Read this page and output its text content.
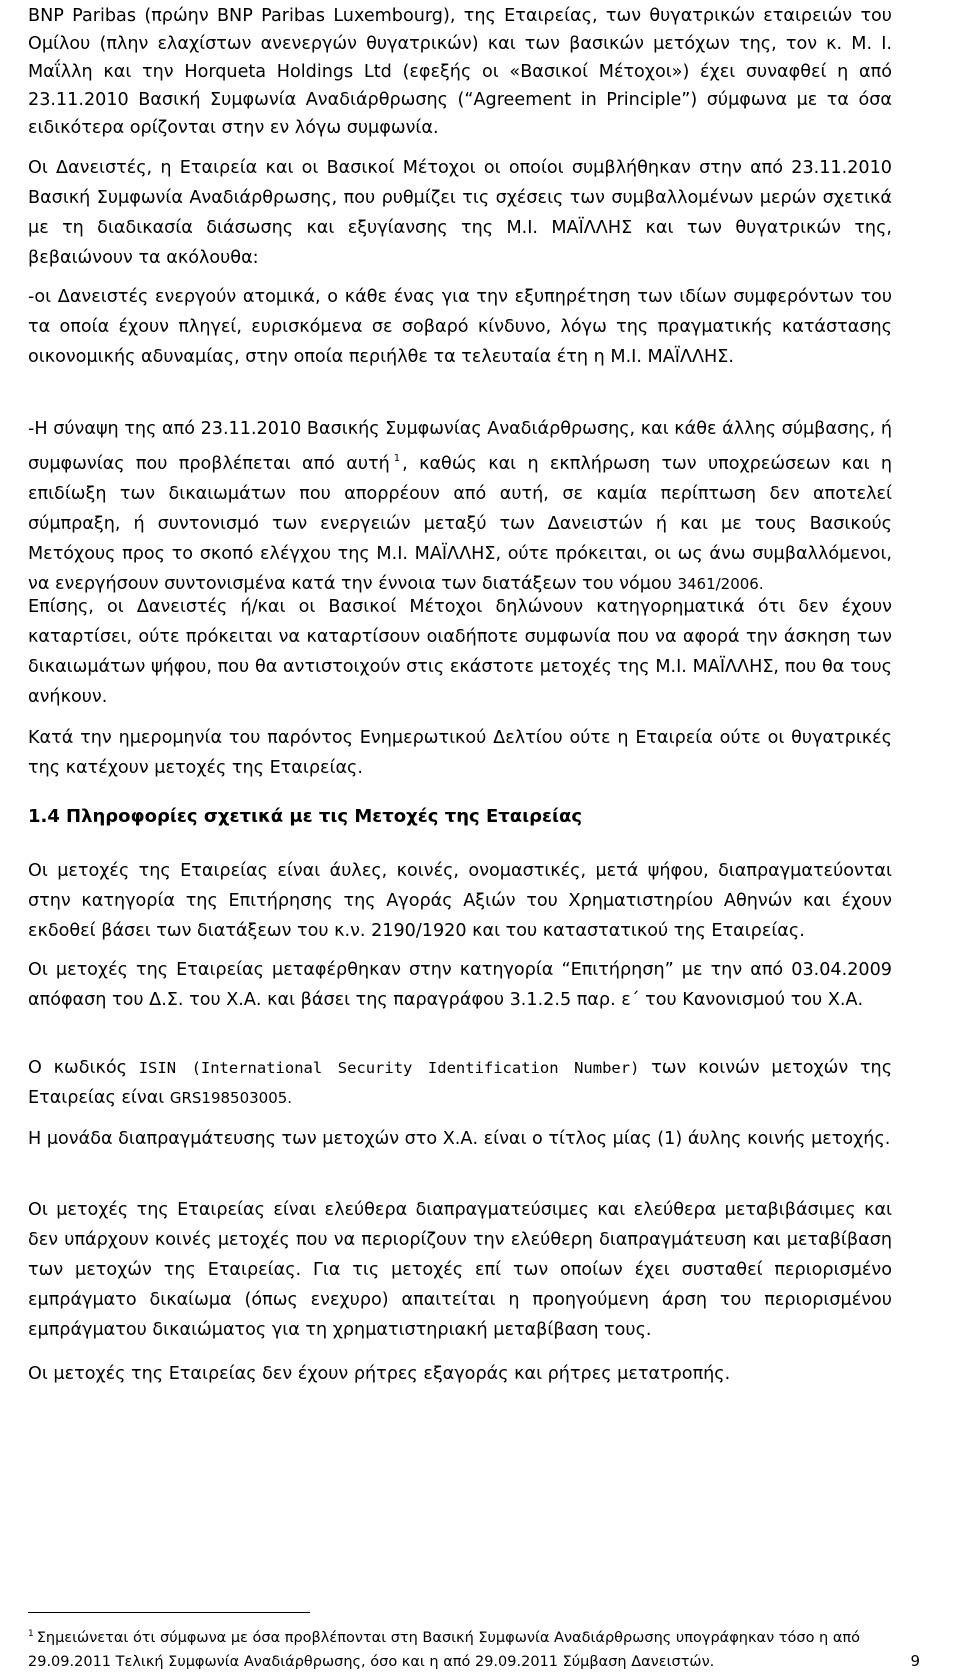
BNP Paribas (πρώην BNP Paribas Luxembourg), της Εταιρείας, των θυγατρικών εταιρειών του Ομίλου (πλην ελαχίστων ανενεργών θυγατρικών) και των βασικών μετόχων της, τον κ. Μ. Ι. Μαΐλλη και την Horqueta Holdings Ltd (εφεξής οι «Βασικοί Μέτοχοι») έχει συναφθεί η από 23.11.2010 Βασική Συμφωνία Αναδιάρθρωσης (“Agreement in Principle”) σύμφωνα με τα όσα ειδικότερα ορίζονται στην εν λόγω συμφωνία.

Οι Δανειστές, η Εταιρεία και οι Βασικοί Μέτοχοι οι οποίοι συμβλήθηκαν στην από 23.11.2010 Βασική Συμφωνία Αναδιάρθρωσης, που ρυθμίζει τις σχέσεις των συμβαλλομένων μερών σχετικά με τη διαδικασία διάσωσης και εξυγίανσης της Μ.Ι. ΜΑΪΛΛΗΣ και των θυγατρικών της, βεβαιώνουν τα ακόλουθα:

-οι Δανειστές ενεργούν ατομικά, ο κάθε ένας για την εξυπηρέτηση των ιδίων συμφερόντων του τα οποία έχουν πληγεί, ευρισκόμενα σε σοβαρό κίνδυνο, λόγω της πραγματικής κατάστασης οικονομικής αδυναμίας, στην οποία περιήλθε τα τελευταία έτη η Μ.Ι. ΜΑΪΛΛΗΣ.

-Η σύναψη της από 23.11.2010 Βασικής Συμφωνίας Αναδιάρθρωσης, και κάθε άλλης σύμβασης, ή συμφωνίας που προβλέπεται από αυτή $^1$ , καθώς και η εκπλήρωση των υποχρεώσεων και η επιδίωξη των δικαιωμάτων που απορρέουν από αυτή, σε καμία περίπτωση δεν αποτελεί σύμπραξη, ή συντονισμό των ενεργειών μεταξύ των Δανειστών ή και με τους Βασικούς Μετόχους προς το σκοπό ελέγχου της Μ.Ι. ΜΑΪΛΛΗΣ, ούτε πρόκειται, οι ως άνω συμβαλλόμενοι, να ενεργήσουν συντονισμένα κατά την έννοια των διατάξεων του νόμου 3461/2006.

Επίσης, οι Δανειστές ή/και οι Βασικοί Μέτοχοι δηλώνουν κατηγορηματικά ότι δεν έχουν καταρτίσει, ούτε πρόκειται να καταρτίσουν οιαδήποτε συμφωνία που να αφορά την άσκηση των δικαιωμάτων ψήφου, που θα αντιστοιχούν στις εκάστοτε μετοχές της Μ.Ι. ΜΑΪΛΛΗΣ, που θα τους ανήκουν.

Κατά την ημερομηνία του παρόντος Ενημερωτικού Δελτίου ούτε η Εταιρεία ούτε οι θυγατρικές της κατέχουν μετοχές της Εταιρείας.

1.4 Πληροφορίες σχετικά με τις Μετοχές της Εταιρείας

Οι μετοχές της Εταιρείας είναι άυλες, κοινές, ονομαστικές, μετά ψήφου, διαπραγματεύονται στην κατηγορία της Επιτήρησης της Αγοράς Αξιών του Χρηματιστηρίου Αθηνών και έχουν εκδοθεί βάσει των διατάξεων του κ.ν. 2190/1920 και του καταστατικού της Εταιρείας.

Οι μετοχές της Εταιρείας μεταφέρθηκαν στην κατηγορία “Επιτήρηση” με την από 03.04.2009 απόφαση του Δ.Σ. του Χ.Α. και βάσει της παραγράφου 3.1.2.5 παρ. ε΄ του Κανονισμού του Χ.Α.

Ο κωδικός ISIN (International Security Identification Number) των κοινών μετοχών της Εταιρείας είναι GRS198503005.

Η μονάδα διαπραγμάτευσης των μετοχών στο Χ.Α. είναι ο τίτλος μίας (1) άυλης κοινής μετοχής.

Οι μετοχές της Εταιρείας είναι ελεύθερα διαπραγματεύσιμες και ελεύθερα μεταβιβάσιμες και δεν υπάρχουν κοινές μετοχές που να περιορίζουν την ελεύθερη διαπραγμάτευση και μεταβίβαση των μετοχών της Εταιρείας. Για τις μετοχές επί των οποίων έχει συσταθεί περιορισμένο εμπράγματο δικαίωμα (όπως ενεχυρο) απαιτείται η προηγούμενη άρση του περιορισμένου εμπράγματου δικαιώματος για τη χρηματιστηριακή μεταβίβαση τους.

Οι μετοχές της Εταιρείας δεν έχουν ρήτρες εξαγοράς και ρήτρες μετατροπής.

$^1$ Σημειώνεται ότι σύμφωνα με όσα προβλέπονται στη Βασική Συμφωνία Αναδιάρθρωσης υπογράφηκαν τόσο η από 29.09.2011 Τελική Συμφωνία Αναδιάρθρωσης, όσο και η από 29.09.2011 Σύμβαση Δανειστών.	9
